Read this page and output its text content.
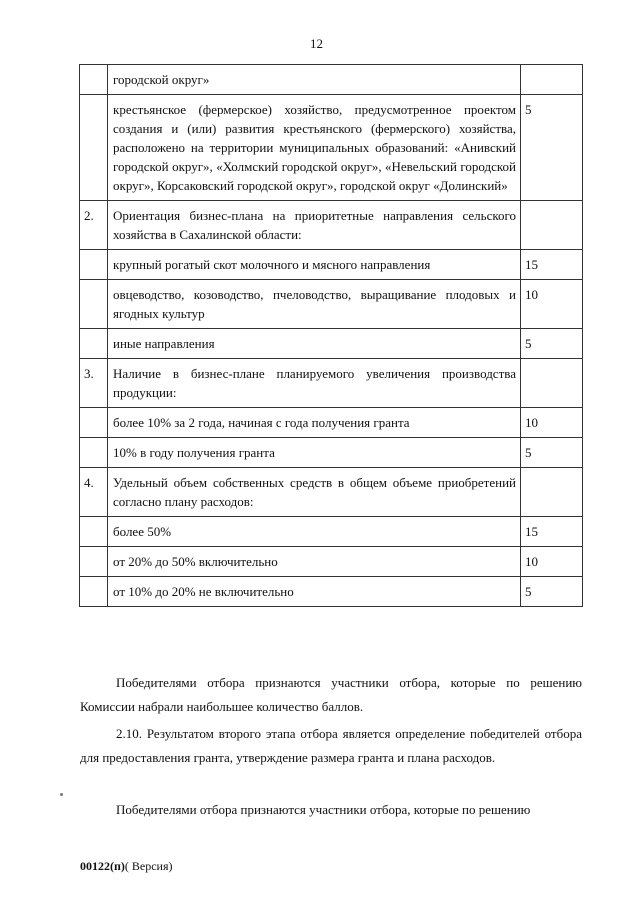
12
	городской округ»	
	крестьянское (фермерское) хозяйство, предусмотренное проектом создания и (или) развития крестьянского (фермерского) хозяйства, расположено на территории муниципальных образований: «Анивский городской округ», «Холмский городской округ», «Невельский городской округ», Корсаковский городской округ», городской округ «Долинский»	5
2.	Ориентация бизнес-плана на приоритетные направления сельского хозяйства в Сахалинской области:	
	крупный рогатый скот молочного и мясного направления	15
	овцеводство, козоводство, пчеловодство, выращивание плодовых и ягодных культур	10
	иные направления	5
3.	Наличие в бизнес-плане планируемого увеличения производства продукции:	
	более 10% за 2 года, начиная с года получения гранта	10
	10% в году получения гранта	5
4.	Удельный объем собственных средств в общем объеме приобретений согласно плану расходов:	
	более 50%	15
	от 20% до 50% включительно	10
	от 10% до 20% не включительно	5

Победителями отбора признаются участники отбора, которые по решению Комиссии набрали наибольшее количество баллов.

2.10. Результатом второго этапа отбора является определение победителей отбора для предоставления гранта, утверждение размера гранта и плана расходов.

Победителями отбора признаются участники отбора, которые по решению

00122(п)( Версия)
